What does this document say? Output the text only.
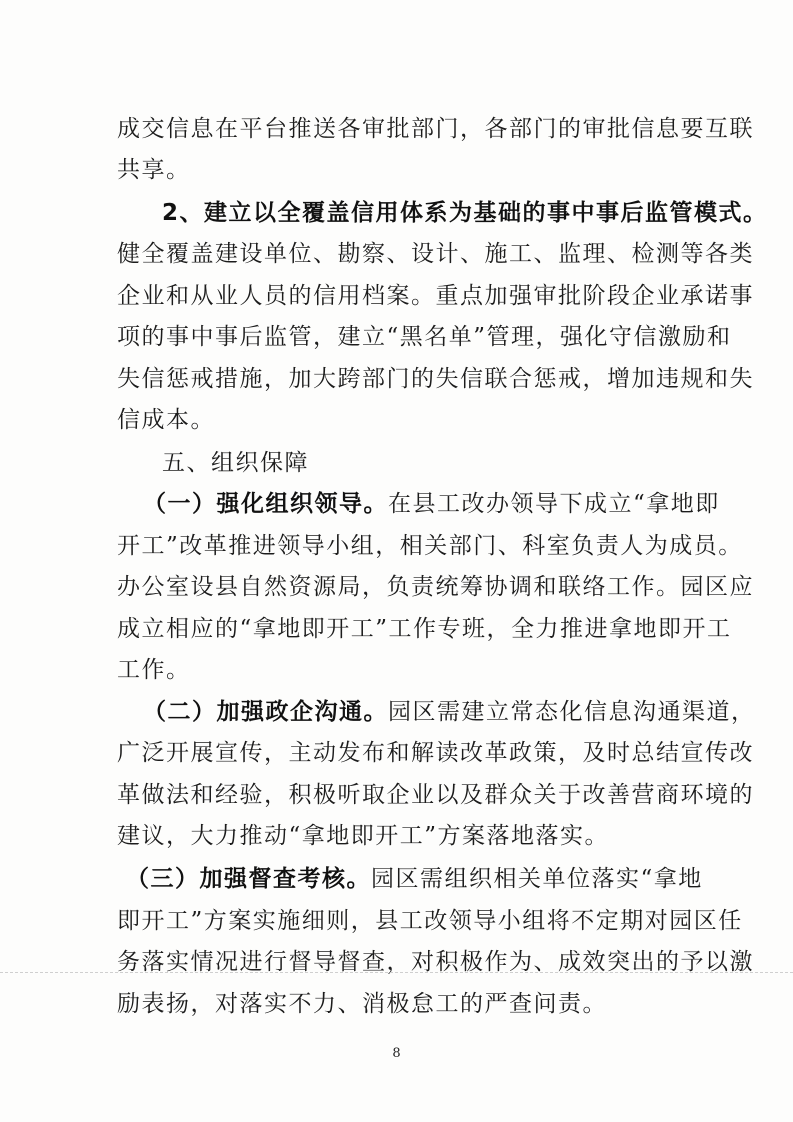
成交信息在平台推送各审批部门，各部门的审批信息要互联
共享。
2、建立以全覆盖信用体系为基础的事中事后监管模式。
健全覆盖建设单位、勘察、设计、施工、监理、检测等各类
企业和从业人员的信用档案。重点加强审批阶段企业承诺事
项的事中事后监管，建立“黑名单”管理，强化守信激励和
失信惩戒措施，加大跨部门的失信联合惩戒，增加违规和失
信成本。
五、组织保障
（一）强化组织领导。在县工改办领导下成立“拿地即
开工”改革推进领导小组，相关部门、科室负责人为成员。
办公室设县自然资源局，负责统筹协调和联络工作。园区应
成立相应的“拿地即开工”工作专班，全力推进拿地即开工
工作。
（二）加强政企沟通。园区需建立常态化信息沟通渠道，
广泛开展宣传，主动发布和解读改革政策，及时总结宣传改
革做法和经验，积极听取企业以及群众关于改善营商环境的
建议，大力推动“拿地即开工”方案落地落实。
（三）加强督查考核。园区需组织相关单位落实“拿地
即开工”方案实施细则，县工改领导小组将不定期对园区任
务落实情况进行督导督查，对积极作为、成效突出的予以激
励表扬，对落实不力、消极怠工的严查问责。
8
